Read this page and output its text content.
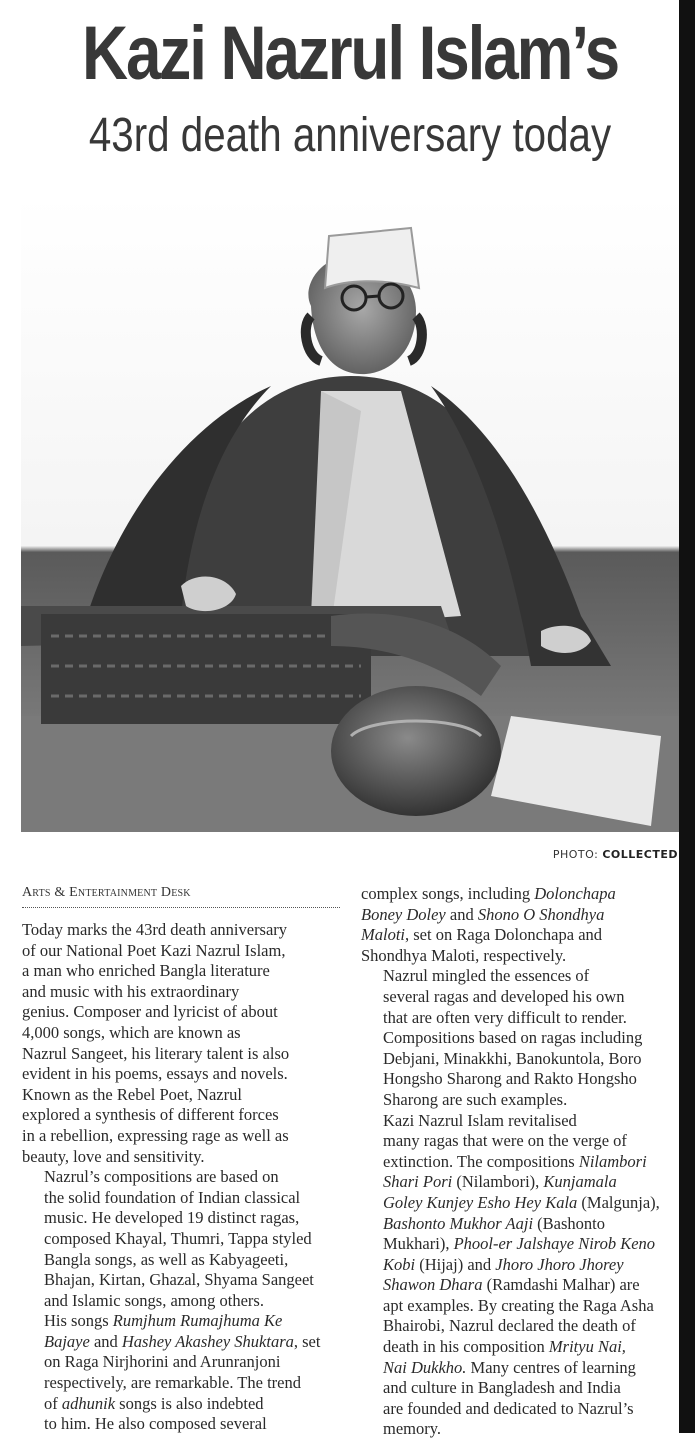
Kazi Nazrul Islam’s
43rd death anniversary today
PHOTO: COLLECTED
Arts & Entertainment Desk

Today marks the 43rd death anniversary
of our National Poet Kazi Nazrul Islam,
a man who enriched Bangla literature
and music with his extraordinary
genius. Composer and lyricist of about
4,000 songs, which are known as
Nazrul Sangeet, his literary talent is also
evident in his poems, essays and novels.
Known as the Rebel Poet, Nazrul
explored a synthesis of different forces
in a rebellion, expressing rage as well as
beauty, love and sensitivity.

Nazrul’s compositions are based on
the solid foundation of Indian classical
music. He developed 19 distinct ragas,
composed Khayal, Thumri, Tappa styled
Bangla songs, as well as Kabyageeti,
Bhajan, Kirtan, Ghazal, Shyama Sangeet
and Islamic songs, among others.

His songs Rumjhum Rumajhuma Ke
Bajaye and Hashey Akashey Shuktara, set
on Raga Nirjhorini and Arunranjoni
respectively, are remarkable. The trend
of adhunik songs is also indebted
to him. He also composed several

complex songs, including Dolonchapa
Boney Doley and Shono O Shondhya
Maloti, set on Raga Dolonchapa and
Shondhya Maloti, respectively.

Nazrul mingled the essences of
several ragas and developed his own
that are often very difficult to render.
Compositions based on ragas including
Debjani, Minakkhi, Banokuntola, Boro
Hongsho Sharong and Rakto Hongsho
Sharong are such examples.

Kazi Nazrul Islam revitalised
many ragas that were on the verge of
extinction. The compositions Nilambori
Shari Pori (Nilambori), Kunjamala
Goley Kunjey Esho Hey Kala (Malgunja),
Bashonto Mukhor Aaji (Bashonto
Mukhari), Phool-er Jalshaye Nirob Keno
Kobi (Hijaj) and Jhoro Jhoro Jhorey
Shawon Dhara (Ramdashi Malhar) are
apt examples. By creating the Raga Asha
Bhairobi, Nazrul declared the death of
death in his composition Mrityu Nai,
Nai Dukkho. Many centres of learning
and culture in Bangladesh and India
are founded and dedicated to Nazrul’s
memory.
